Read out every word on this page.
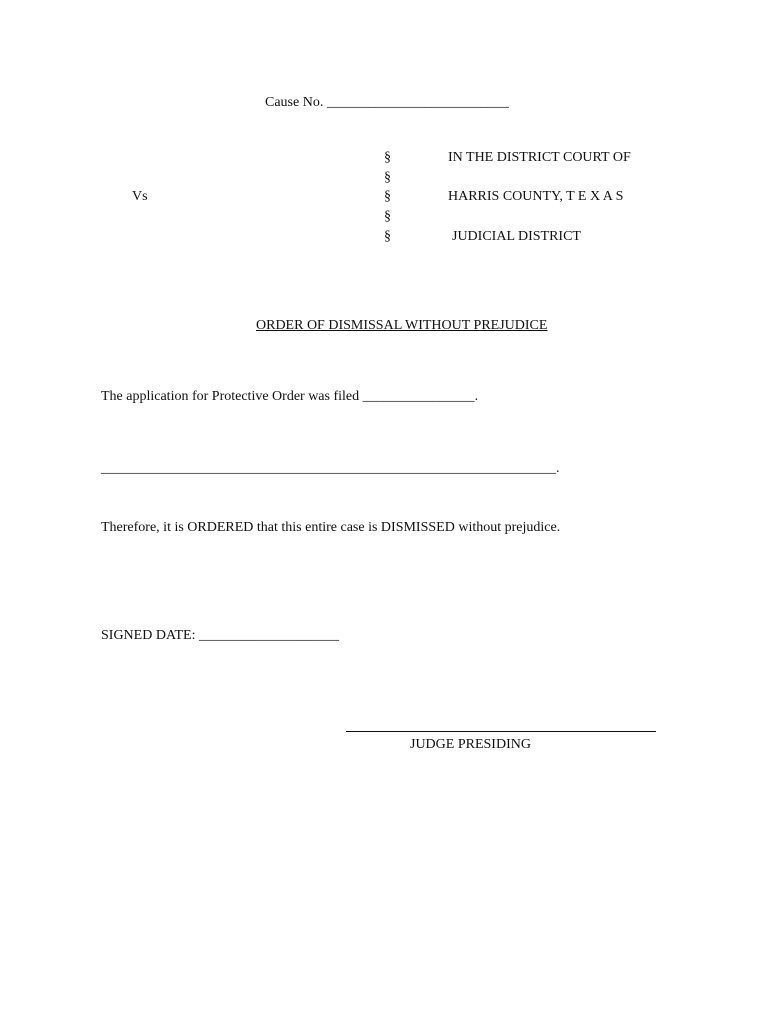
Cause No. __________________________
§
§
§
§
§
Vs
IN THE DISTRICT COURT OF
HARRIS COUNTY, T E X A S
JUDICIAL DISTRICT
ORDER OF DISMISSAL WITHOUT PREJUDICE
The application for Protective Order was filed ________________.
_________________________________________________________________.
Therefore, it is ORDERED that this entire case is DISMISSED without prejudice.
SIGNED DATE: ____________________
JUDGE PRESIDING
